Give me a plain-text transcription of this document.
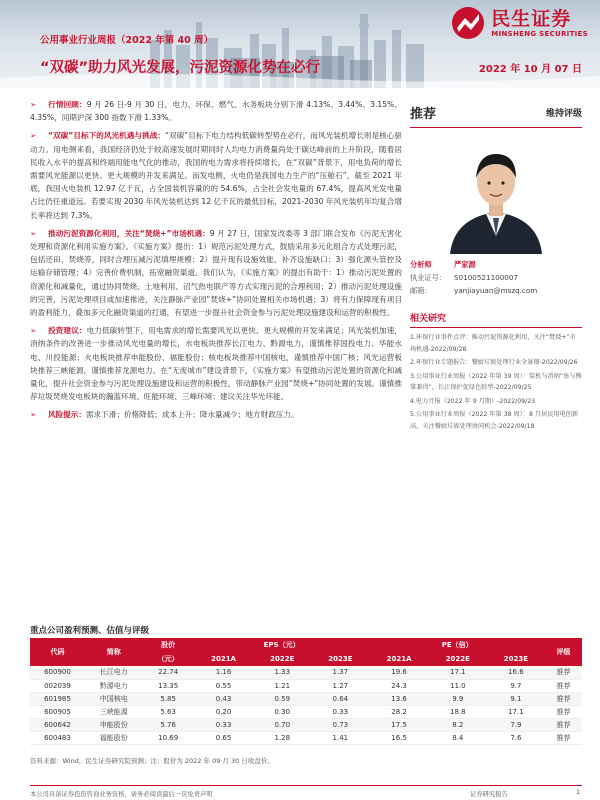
民生证券
MINSHENG SECURITIES
公用事业行业周报（2022 年第 40 周）
“双碳”助力风光发展，污泥资源化势在必行	2022 年 10 月 07 日
➢ 行情回顾：9 月 26 日-9 月 30 日，电力、环保、燃气、水务板块分别下滑 4.13%、3.44%、3.15%、4.35%，同期沪深 300 指数下滑 1.33%。
➢ “双碳”目标下的风光机遇与挑战：“双碳”目标下电力结构低碳转型势在必行，而风光装机增长则是核心驱动力。用电侧来看，我国经济仍处于较高速发展时期同时人均电力消费量尚处于碳达峰前的上升阶段，随着居民收入水平的提高和终端用能电气化的推动，我国的电力需求将持续增长，在“双碳”背景下，用电负荷的增长需要风光能源以更快、更大规模的开发来满足。而发电侧，火电仍是我国电力生产的“压舱石”，截至 2021 年底，我国火电装机 12.97 亿千瓦，占全国装机容量的的 54.6%，占全社会发电量的 67.4%，提高风光发电量占比仍任重道远。若要实现 2030 年风光装机达到 12 亿千瓦的最低目标，2021-2030 年风光装机年均复合增长率将达到 7.3%。
➢ 推动污泥资源化利用，关注“焚烧+”市场机遇：9 月 27 日，国家发改委等 3 部门联合发布《污泥无害化处理和资源化利用实施方案》。《实施方案》提出：1）规范污泥处理方式，鼓励采用多元化组合方式处理污泥，包括还田、焚烧等，同时合理压减污泥填埋规模；2）提升现有设施效能，补齐设施缺口；3）强化源头管控及运输存储管理；4）完善价费机制，拓宽融资渠道。我们认为，《实施方案》的提出有助于：1）推动污泥处置的资源化和减量化，通过协同焚烧、土地利用、沼气热电联产等方式实现污泥的合理利用；2）推动污泥处理设施的完善，污泥处理项目或加速推进，关注静脉产业园“焚烧+”协同处置相关市场机遇；3）将有力保障现有项目的盈利能力，叠加多元化融资渠道的打通，有望进一步提升社会资金参与污泥处理设施建设和运营的积极性。
➢ 投资建议：电力低碳转型下，用电需求的增长需要风光以更快、更大规模的开发来满足；风光装机加速，消纳条件的改善进一步推动风光电量的增长，水电板块推荐长江电力、黔源电力，谨慎推荐国投电力、华能水电、川投能源；火电板块推荐申能股份、福能股份；核电板块推荐中国核电，谨慎推荐中国广核；风光运营板块推荐三峡能源，谨慎推荐龙源电力。在“无废城市”建设背景下，《实施方案》有望推动污泥处置的资源化和减量化，提升社会资金参与污泥处理设施建设和运营的积极性，带动静脉产业园“焚烧+”协同处置的发展。谨慎推荐垃圾焚烧发电板块的瀚蓝环境、旺能环境、三峰环境；建议关注华光环能。
➢ 风险提示：需求下滑；价格降低；成本上升；降水量减少；地方财政压力。
推荐	维持评级
分析师	严家源
执业证号： S0100521100007
邮箱：	yanjiayuan@mszq.com
相关研究
1.环保行业事件点评：推动污泥资源化利用，关注“焚烧+”市场机遇-2022/09/28
2.环保行业专题报告：餐厨垃圾处理行业全景图-2022/09/26
3.公用事业行业周报（2022 年第 39 周）：装机与消纳“鱼与熊掌兼得”，长江保护促绿色转型-2022/09/25
4.电力月报（2022 年 9 月期）-2022/09/23
5.公用事业行业周报（2022 年第 38 周）：8 月居民用电创新高，关注餐厨垃圾处理协同机会-2022/09/18
重点公司盈利预测、估值与评级
代码	简称	股价	EPS（元）			PE（倍）			评级
		（元）	2021A	2022E	2023E	2021A	2022E	2023E	
600900	长江电力	22.74	1.16	1.33	1.37	19.6	17.1	16.6	推荐
002039	黔源电力	13.35	0.55	1.21	1.27	24.3	11.0	9.7	推荐
601985	中国核电	5.85	0.43	0.59	0.64	13.6	9.9	9.1	推荐
600905	三峡能源	5.63	0.20	0.30	0.33	28.2	18.8	17.1	推荐
600642	申能股份	5.76	0.33	0.70	0.73	17.5	8.2	7.9	推荐
600483	福能股份	10.69	0.65	1.28	1.41	16.5	8.4	7.6	推荐
资料来源：Wind，民生证券研究院预测；注：股价为 2022 年 09 月 30 日收盘价。
本公司具备证券投资咨询业务资格，请务必阅读最后一页免责声明	证券研究报告	1
